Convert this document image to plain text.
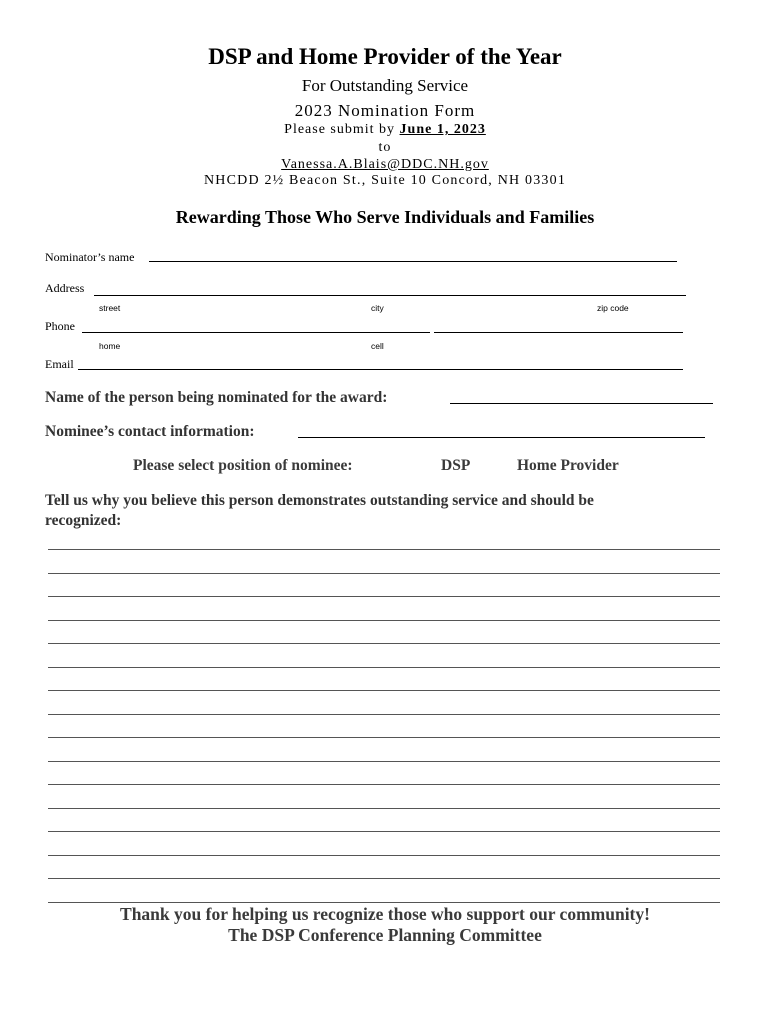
DSP and Home Provider of the Year
For Outstanding Service
2023 Nomination Form
Please submit by June 1, 2023
to
Vanessa.A.Blais@DDC.NH.gov
NHCDD 2½ Beacon St., Suite 10 Concord, NH 03301
Rewarding Those Who Serve Individuals and Families
Nominator’s name
Address
street	city	zip code
Phone
home	cell
Email
Name of the person being nominated for the award:
Nominee’s contact information:
Please select position of nominee:	DSP	Home Provider
Tell us why you believe this person demonstrates outstanding service and should be
recognized:
Thank you for helping us recognize those who support our community!
The DSP Conference Planning Committee
